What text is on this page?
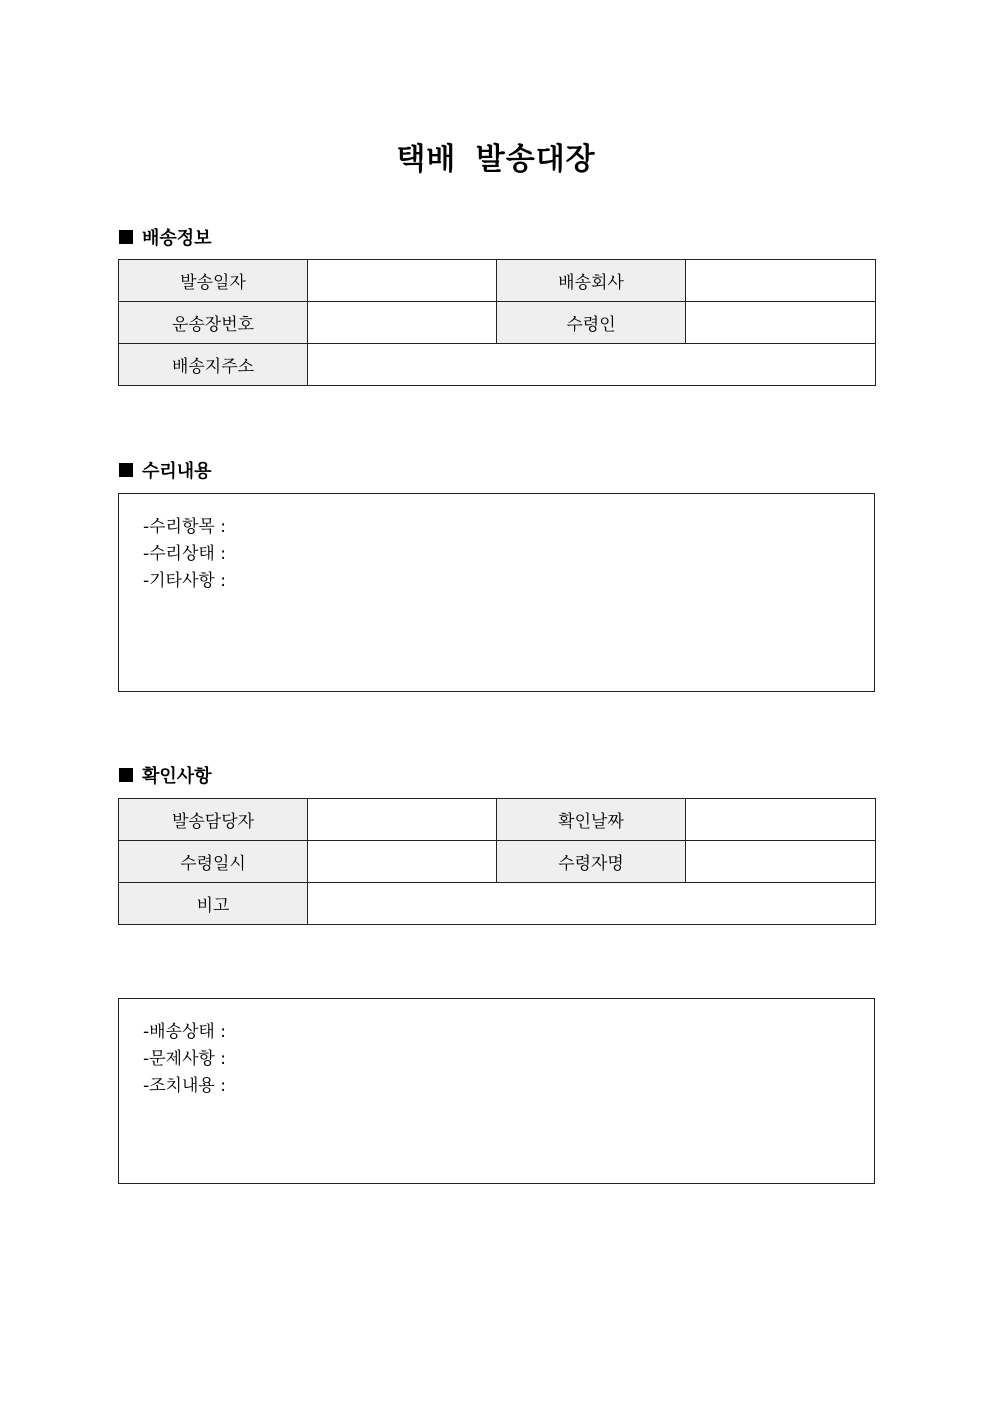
택배 발송대장
배송정보
발송일자		배송회사	
운송장번호		수령인	
배송지주소			
수리내용
-수리항목 :
-수리상태 :
-기타사항 :
확인사항
발송담당자		확인날짜	
수령일시		수령자명	
비고			
-배송상태 :
-문제사항 :
-조치내용 :
